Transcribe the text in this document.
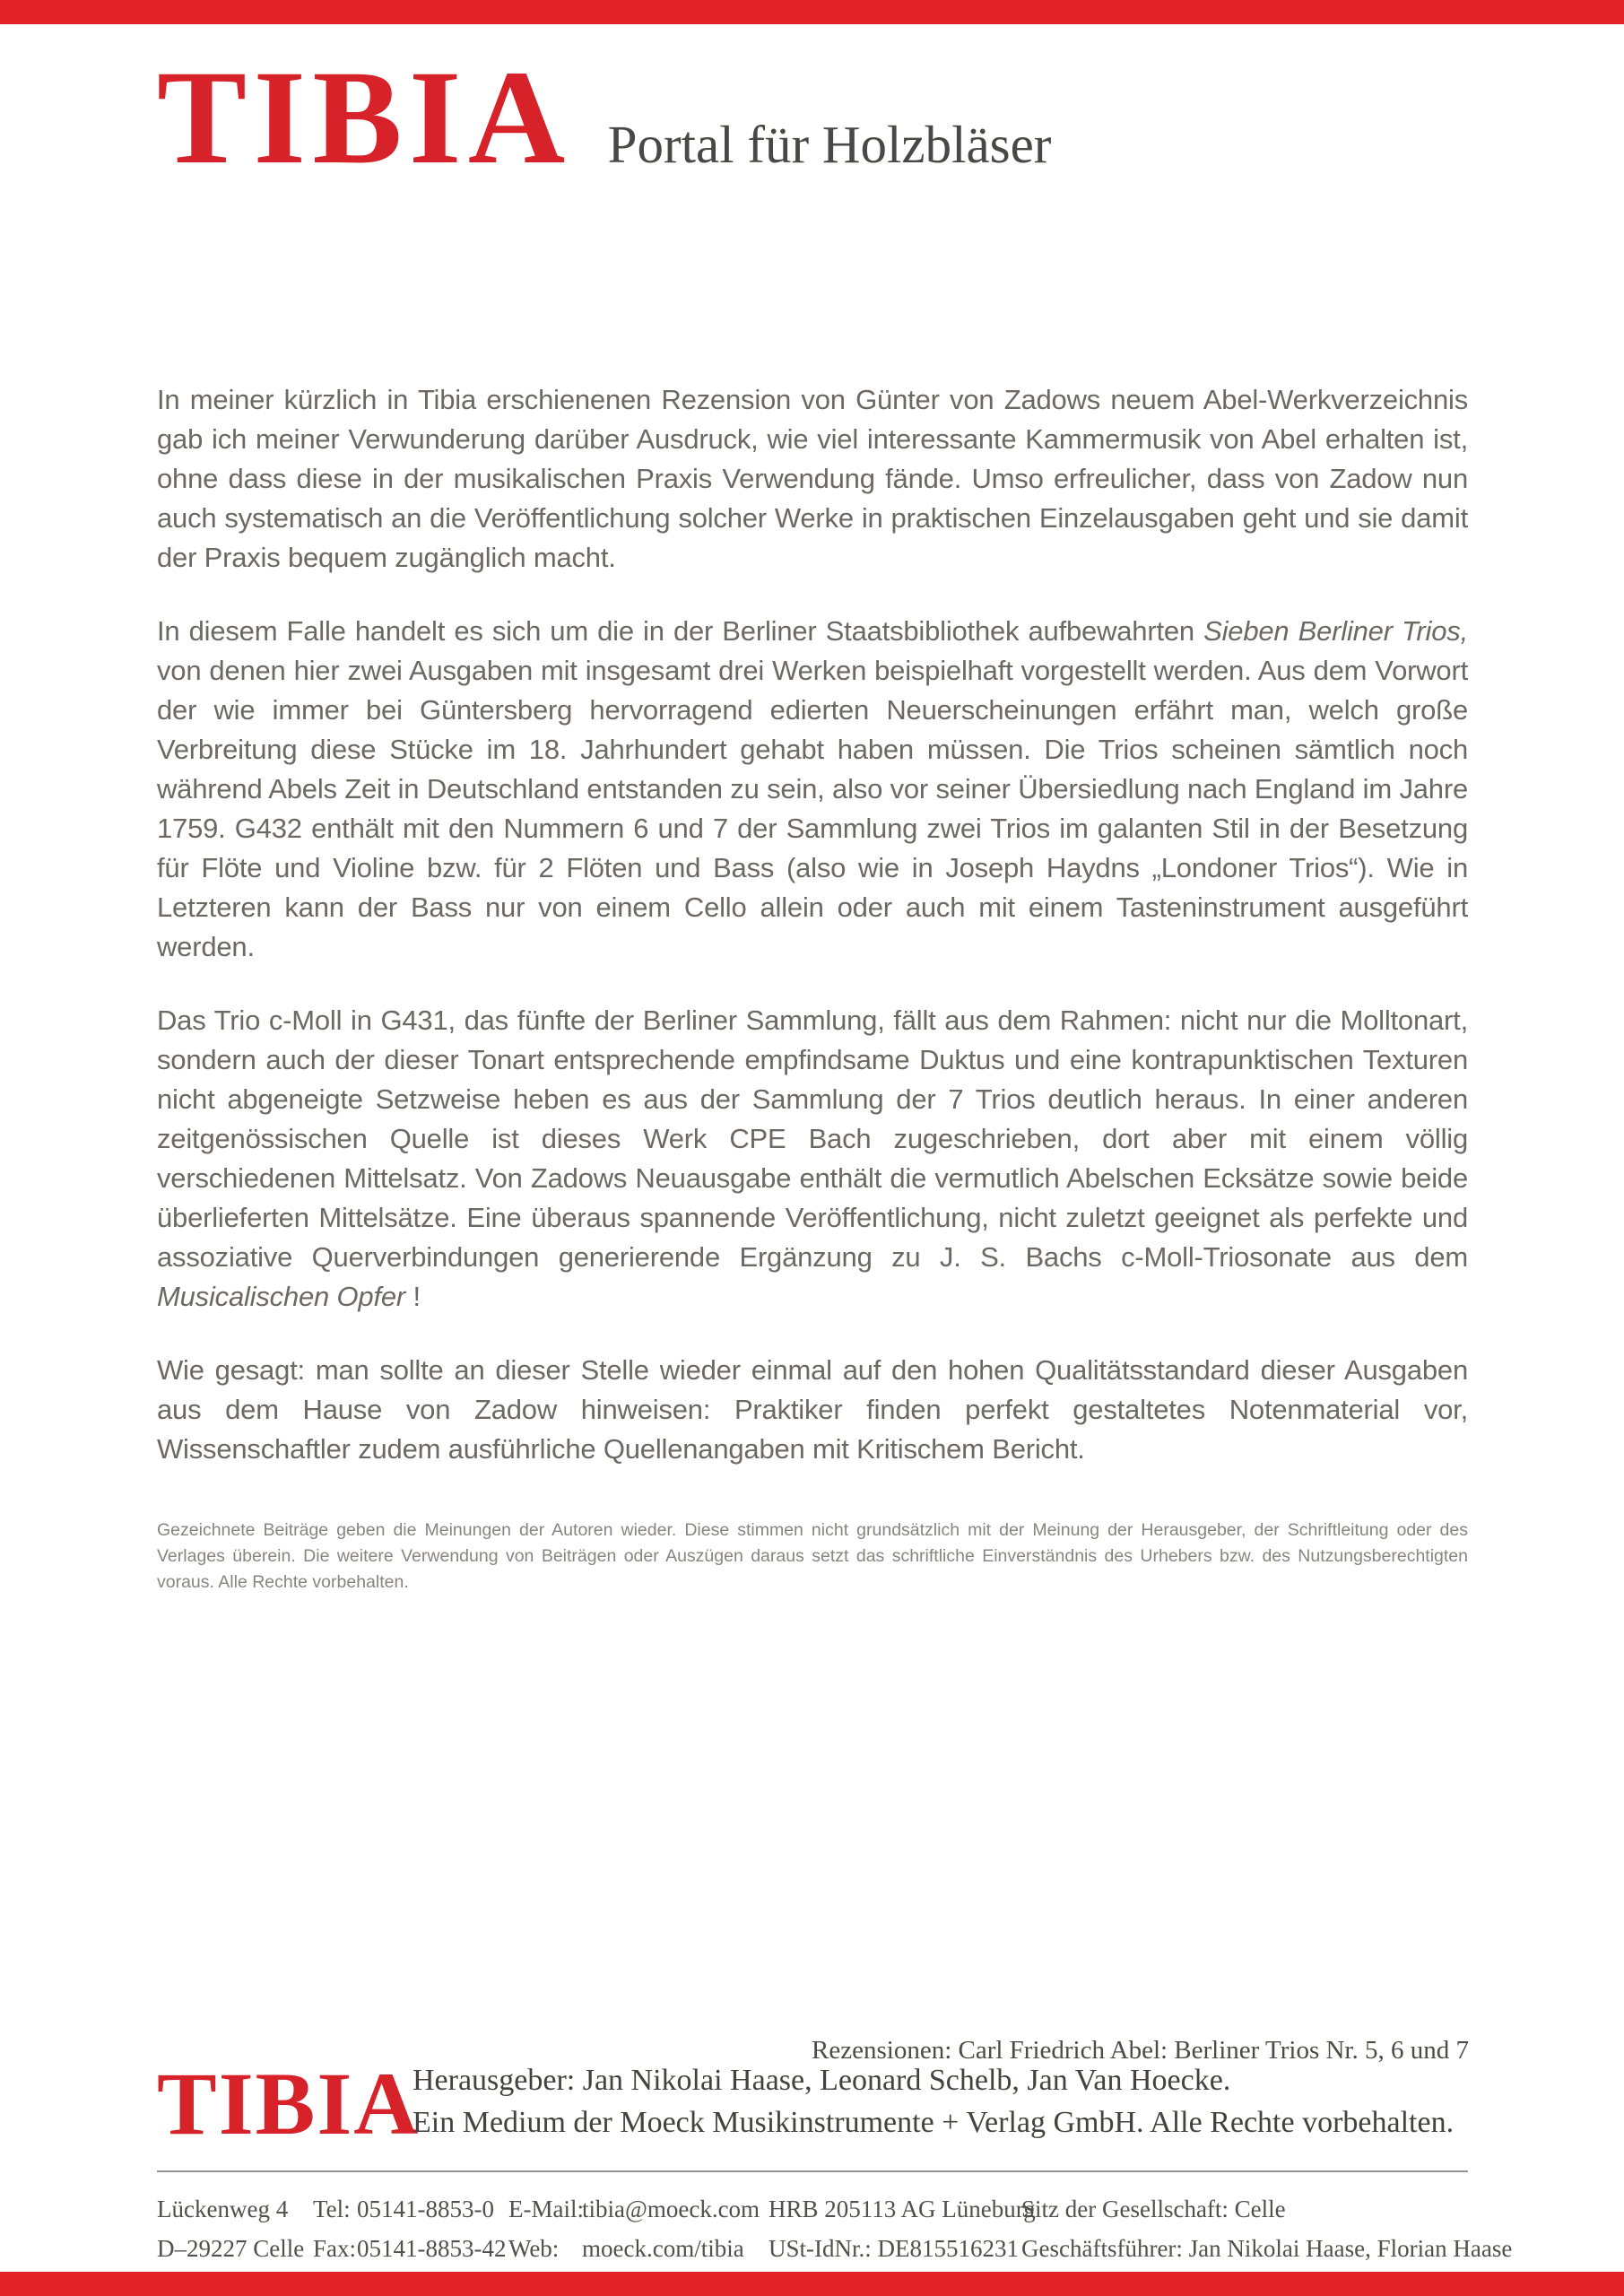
TIBIA Portal für Holzbläser

In meiner kürzlich in Tibia erschienenen Rezension von Günter von Zadows neuem Abel-Werkverzeichnis gab ich meiner Verwunderung darüber Ausdruck, wie viel interessante Kammermusik von Abel erhalten ist, ohne dass diese in der musikalischen Praxis Verwendung fände. Umso erfreulicher, dass von Zadow nun auch systematisch an die Veröffentlichung solcher Werke in praktischen Einzelausgaben geht und sie damit der Praxis bequem zugänglich macht.

In diesem Falle handelt es sich um die in der Berliner Staatsbibliothek aufbewahrten Sieben Berliner Trios, von denen hier zwei Ausgaben mit insgesamt drei Werken beispielhaft vorgestellt werden. Aus dem Vorwort der wie immer bei Güntersberg hervorragend edierten Neuerscheinungen erfährt man, welch große Verbreitung diese Stücke im 18. Jahrhundert gehabt haben müssen. Die Trios scheinen sämtlich noch während Abels Zeit in Deutschland entstanden zu sein, also vor seiner Übersiedlung nach England im Jahre 1759. G432 enthält mit den Nummern 6 und 7 der Sammlung zwei Trios im galanten Stil in der Besetzung für Flöte und Violine bzw. für 2 Flöten und Bass (also wie in Joseph Haydns „Londoner Trios“). Wie in Letzteren kann der Bass nur von einem Cello allein oder auch mit einem Tasteninstrument ausgeführt werden.

Das Trio c-Moll in G431, das fünfte der Berliner Sammlung, fällt aus dem Rahmen: nicht nur die Molltonart, sondern auch der dieser Tonart entsprechende empfindsame Duktus und eine kontrapunktischen Texturen nicht abgeneigte Setzweise heben es aus der Sammlung der 7 Trios deutlich heraus. In einer anderen zeitgenössischen Quelle ist dieses Werk CPE Bach zugeschrieben, dort aber mit einem völlig verschiedenen Mittelsatz. Von Zadows Neuausgabe enthält die vermutlich Abelschen Ecksätze sowie beide überlieferten Mittelsätze. Eine überaus spannende Veröffentlichung, nicht zuletzt geeignet als perfekte und assoziative Querverbindungen generierende Ergänzung zu J. S. Bachs c-Moll-Triosonate aus dem Musicalischen Opfer !

Wie gesagt: man sollte an dieser Stelle wieder einmal auf den hohen Qualitätsstandard dieser Ausgaben aus dem Hause von Zadow hinweisen: Praktiker finden perfekt gestaltetes Notenmaterial vor, Wissenschaftler zudem ausführliche Quellenangaben mit Kritischem Bericht.

Gezeichnete Beiträge geben die Meinungen der Autoren wieder. Diese stimmen nicht grundsätzlich mit der Meinung der Herausgeber, der Schriftleitung oder des Verlages überein. Die weitere Verwendung von Beiträgen oder Auszügen daraus setzt das schriftliche Einverständnis des Urhebers bzw. des Nutzungsberechtigten voraus. Alle Rechte vorbehalten.
Rezensionen: Carl Friedrich Abel: Berliner Trios Nr. 5, 6 und 7
TIBIA
Herausgeber: Jan Nikolai Haase, Leonard Schelb, Jan Van Hoecke.
Ein Medium der Moeck Musikinstrumente + Verlag GmbH. Alle Rechte vorbehalten.
Lückenweg 4
D–29227 Celle
Tel: 05141-8853-0
Fax:05141-8853-42
E-Mail:tibia@moeck.com
Web: moeck.com/tibia
HRB 205113 AG Lüneburg
USt-IdNr.: DE815516231
Sitz der Gesellschaft: Celle
Geschäftsführer: Jan Nikolai Haase, Florian Haase
